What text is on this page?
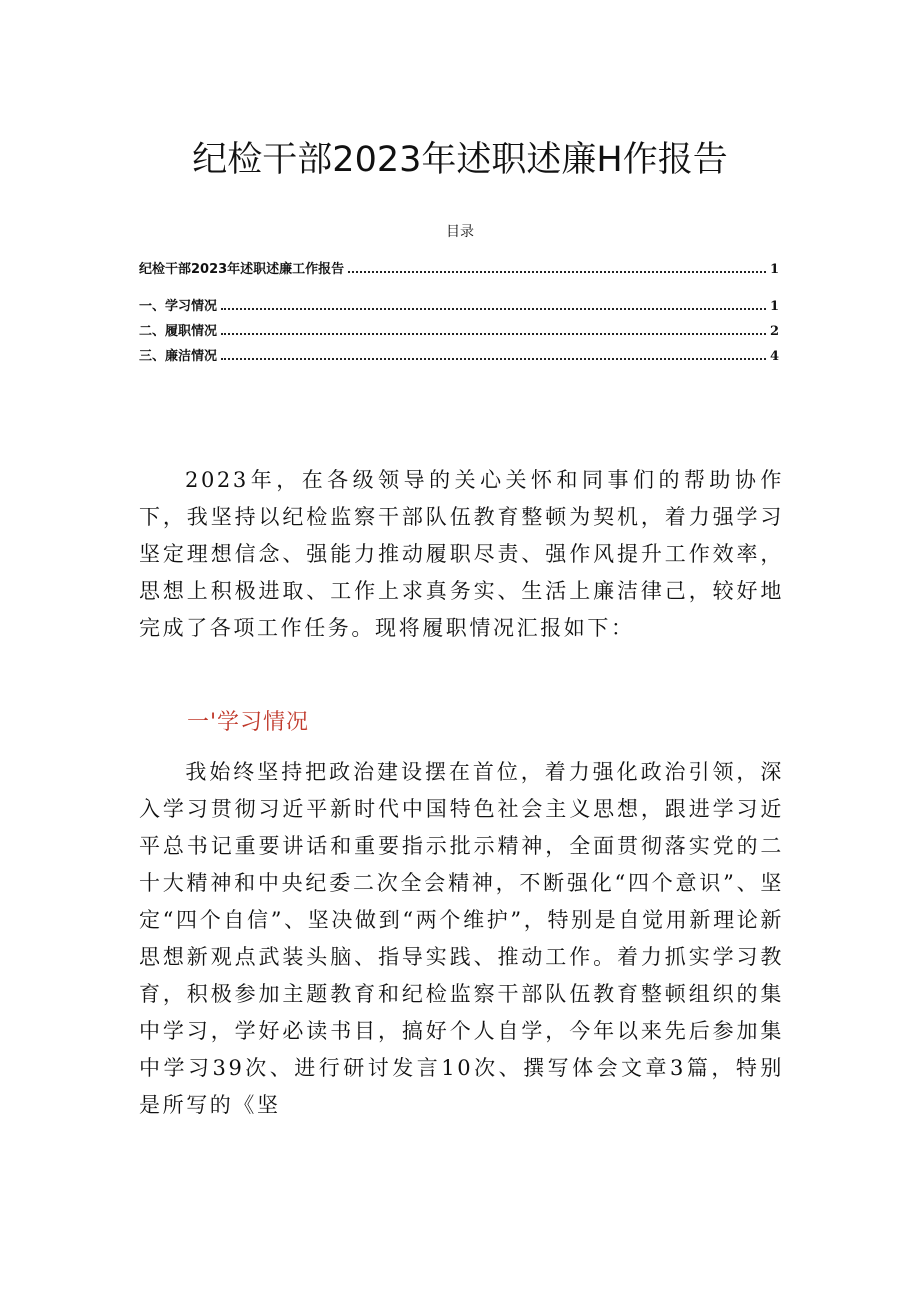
纪检干部2023年述职述廉H作报告
目录
纪检干部2023年述职述廉工作报告	1
一、学习情况	1
二、履职情况	2
三、廉洁情况	4

2023年，在各级领导的关心关怀和同事们的帮助协作下，我坚持以纪检监察干部队伍教育整顿为契机，着力强学习坚定理想信念、强能力推动履职尽责、强作风提升工作效率，思想上积极进取、工作上求真务实、生活上廉洁律己，较好地完成了各项工作任务。现将履职情况汇报如下：

一'学习情况

我始终坚持把政治建设摆在首位，着力强化政治引领，深入学习贯彻习近平新时代中国特色社会主义思想，跟进学习近平总书记重要讲话和重要指示批示精神，全面贯彻落实党的二十大精神和中央纪委二次全会精神，不断强化“四个意识”、坚定“四个自信”、坚决做到“两个维护”，特别是自觉用新理论新思想新观点武装头脑、指导实践、推动工作。着力抓实学习教育，积极参加主题教育和纪检监察干部队伍教育整顿组织的集中学习，学好必读书目，搞好个人自学，今年以来先后参加集中学习39次、进行研讨发言10次、撰写体会文章3篇，特别是所写的《坚
